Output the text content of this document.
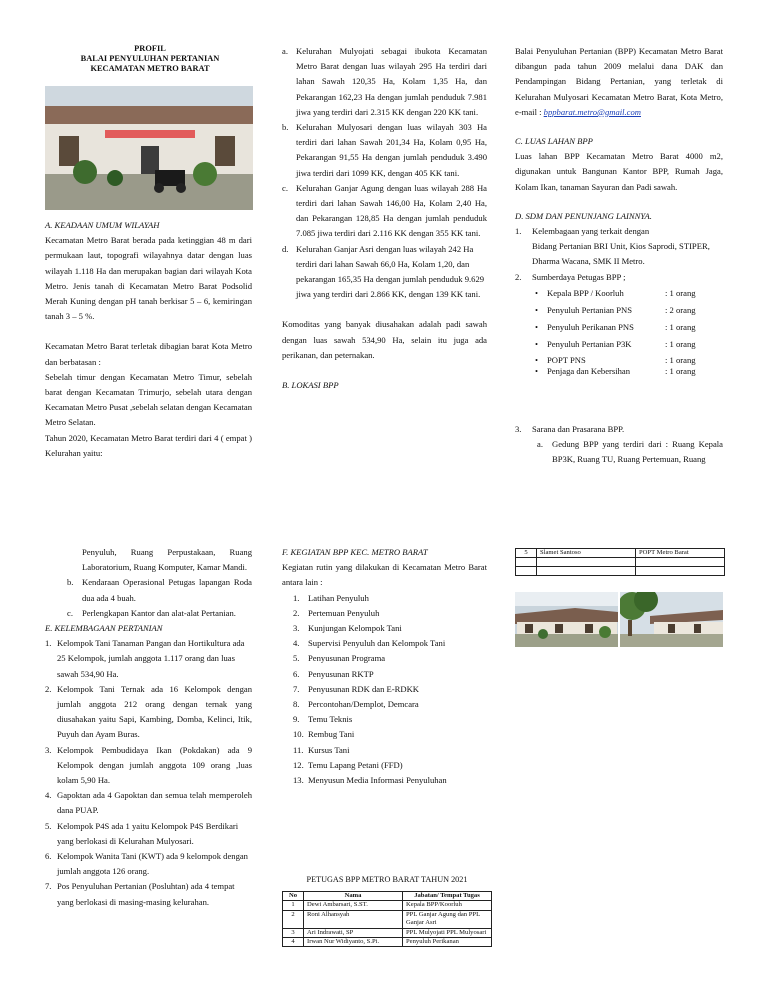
PROFIL
BALAI PENYULUHAN PERTANIAN
KECAMATAN METRO BARAT

A. KEADAAN UMUM WILAYAH

Kecamatan Metro Barat berada pada ketinggian 48 m dari permukaan laut, topografi wilayahnya datar dengan luas wilayah 1.118 Ha dan merupakan bagian dari wilayah Kota Metro. Jenis tanah di Kecamatan Metro Barat Podsolid Merah Kuning dengan pH tanah berkisar 5 – 6, kemiringan tanah 3 – 5 %.

Kecamatan Metro Barat terletak dibagian barat Kota Metro dan berbatasan :

Sebelah timur dengan Kecamatan Metro Timur, sebelah barat dengan Kecamatan Trimurjo, sebelah utara dengan Kecamatan Metro Pusat ,sebelah selatan dengan Kecamatan Metro Selatan.

Tahun 2020, Kecamatan Metro Barat terdiri dari 4 ( empat ) Kelurahan yaitu:

a. Kelurahan Mulyojati sebagai ibukota Kecamatan Metro Barat dengan luas wilayah 295 Ha terdiri dari lahan Sawah 120,35 Ha, Kolam 1,35 Ha, dan Pekarangan 162,23 Ha dengan jumlah penduduk 7.981 jiwa yang terdiri dari 2.315 KK dengan 220 KK tani.
b. Kelurahan Mulyosari dengan luas wilayah 303 Ha terdiri dari lahan Sawah 201,34 Ha, Kolam 0,95 Ha, Pekarangan 91,55 Ha dengan jumlah penduduk 3.490 jiwa terdiri dari 1099 KK, dengan 405 KK tani.
c. Kelurahan Ganjar Agung dengan luas wilayah 288 Ha terdiri dari lahan Sawah 146,00 Ha, Kolam 2,40 Ha, dan Pekarangan 128,85 Ha dengan jumlah penduduk 7.085 jiwa terdiri dari 2.116 KK dengan 355 KK tani.
d. Kelurahan Ganjar Asri dengan luas wilayah 242 Ha terdiri dari lahan Sawah 66,0 Ha, Kolam 1,20, dan pekarangan 165,35 Ha dengan jumlah penduduk 9.629 jiwa yang terdiri dari 2.866 KK, dengan 139 KK tani.

Komoditas yang banyak diusahakan adalah padi sawah dengan luas sawah 534,90 Ha, selain itu juga ada perikanan, dan peternakan.

B. LOKASI BPP

Balai Penyuluhan Pertanian (BPP) Kecamatan Metro Barat dibangun pada tahun 2009 melalui dana DAK dan Pendampingan Bidang Pertanian, yang terletak di Kelurahan Mulyosari Kecamatan Metro Barat, Kota Metro, e-mail : bppbarat.metro@gmail.com

C. LUAS LAHAN BPP

Luas lahan BPP Kecamatan Metro Barat 4000 m2, digunakan untuk Bangunan Kantor BPP, Rumah Jaga, Kolam Ikan, tanaman Sayuran dan Padi sawah.

D. SDM DAN PENUNJANG LAINNYA.

1.	Kelembagaan yang terkait dengan
Bidang Pertanian BRI Unit, Kios Saprodi, STIPER, Dharma Wacana, SMK II Metro.
2.	Sumberdaya Petugas BPP ;
•	Kepala BPP / Koorluh	: 1 orang
•	Penyuluh Pertanian PNS	: 2 orang
•	Penyuluh Perikanan PNS	: 1 orang
•	Penyuluh Pertanian P3K	: 1 orang
•	POPT PNS	: 1 orang
•	Penjaga dan Kebersihan	: 1 orang
3.	Sarana dan Prasarana BPP.
a.	Gedung BPP yang terdiri dari : Ruang Kepala BP3K, Ruang TU, Ruang Pertemuan, Ruang

Penyuluh, Ruang Perpustakaan, Ruang Laboratorium, Ruang Komputer, Kamar Mandi.

b. Kendaraan Operasional Petugas lapangan Roda dua ada 4 buah.
c.	Perlengkapan Kantor dan alat-alat Pertanian.

E. KELEMBAGAAN PERTANIAN

1. Kelompok Tani Tanaman Pangan dan Hortikultura ada 25 Kelompok, jumlah anggota 1.117 orang dan luas sawah 534,90 Ha.
2. Kelompok Tani Ternak ada 16 Kelompok dengan jumlah anggota 212 orang dengan ternak yang diusahakan yaitu Sapi, Kambing, Domba, Kelinci, Itik, Puyuh dan Ayam Buras.
3. Kelompok Pembudidaya Ikan (Pokdakan) ada 9 Kelompok dengan jumlah anggota 109 orang ,luas kolam 5,90 Ha.
4. Gapoktan ada 4 Gapoktan dan semua telah memperoleh dana PUAP.
5. Kelompok P4S ada 1 yaitu Kelompok P4S Berdikari yang berlokasi di Kelurahan Mulyosari.
6. Kelompok Wanita Tani (KWT) ada 9 kelompok dengan jumlah anggota 126 orang.
7. Pos Penyuluhan Pertanian (Posluhtan) ada 4 tempat yang berlokasi di masing-masing kelurahan.

F. KEGIATAN BPP KEC. METRO BARAT

Kegiatan rutin yang dilakukan di Kecamatan Metro Barat antara lain :

1. Latihan Penyuluh
2. Pertemuan Penyuluh
3. Kunjungan Kelompok Tani
4. Supervisi Penyuluh dan Kelompok Tani
5. Penyusunan Programa
6. Penyusunan RKTP
7. Penyusunan RDK dan E-RDKK
8. Percontohan/Demplot, Demcara
9. Temu Teknis
10. Rembug Tani
11. Kursus Tani
12. Temu Lapang Petani (FFD)
13. Menyusun Media Informasi Penyuluhan
PETUGAS BPP METRO BARAT TAHUN 2021
No	Nama	Jabatan/ Tempat Tugas
1	Dewi Ambarsari, S.ST.	Kepala BPP/Koorluh
2	Roni Alhansyah	PPL Ganjar Agung dan PPL Ganjar Asri
3	Ari Indrawati, SP	PPL Mulyojati PPL Mulyosari
4	Irwan Nur Widiyanto, S.Pi.	Penyuluh Perikanan
5	Slamet Santoso	POPT Metro Barat
